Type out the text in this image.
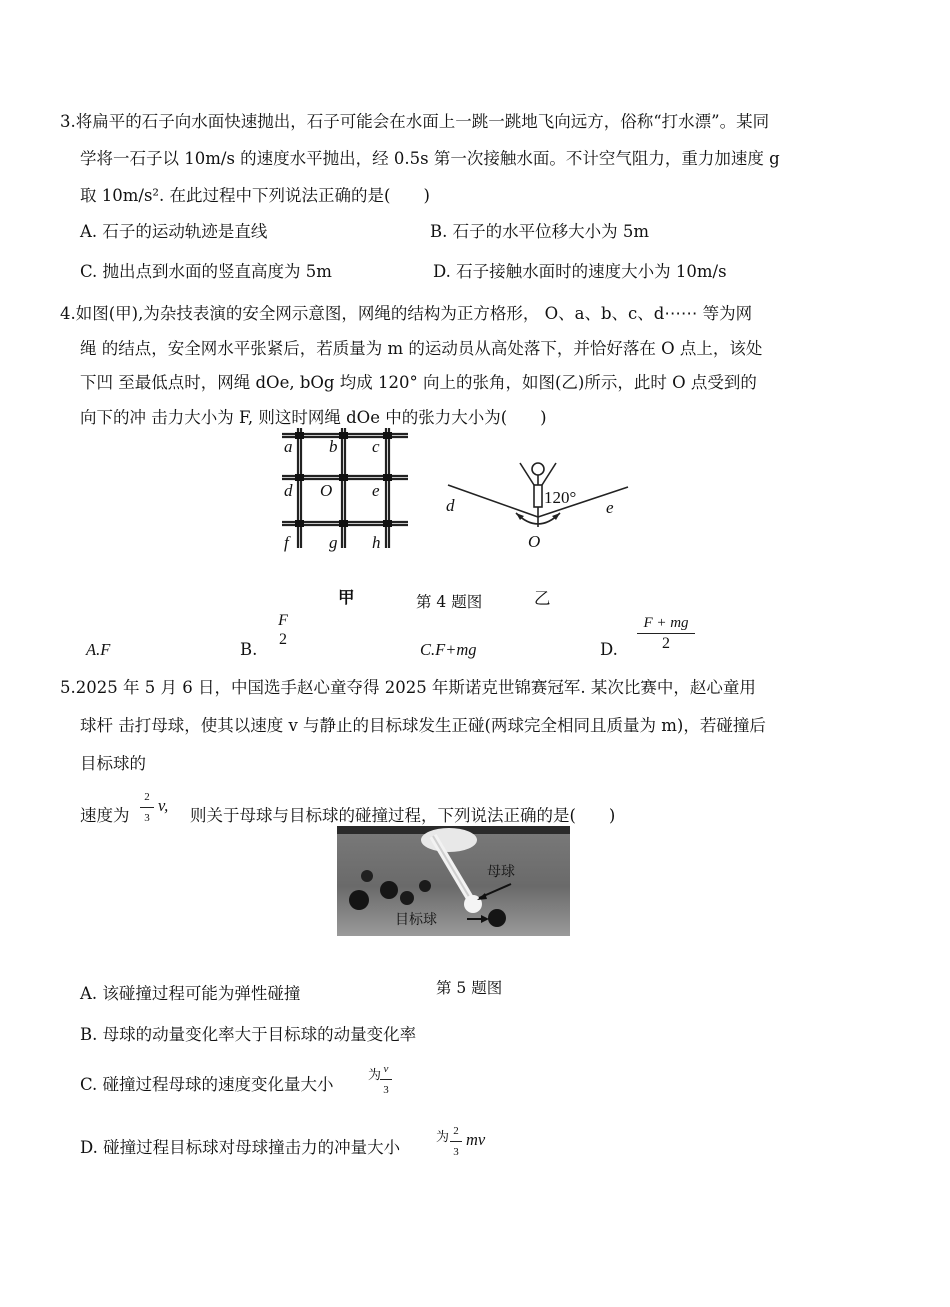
3.将扁平的石子向水面快速抛出，石子可能会在水面上一跳一跳地飞向远方，俗称“打水漂”。某同
学将一石子以 10m/s 的速度水平抛出，经 0.5s 第一次接触水面。不计空气阻力，重力加速度 g
取 10m/s². 在此过程中下列说法正确的是(　　)
A. 石子的运动轨迹是直线	B. 石子的水平位移大小为 5m
C. 抛出点到水面的竖直高度为 5m	D. 石子接触水面时的速度大小为 10m/s
4.如图(甲),为杂技表演的安全网示意图，网绳的结构为正方格形， O、a、b、c、d⋯⋯ 等为网
绳 的结点，安全网水平张紧后，若质量为 m 的运动员从高处落下，并恰好落在 O 点上，该处
下凹 至最低点时，网绳 dOe, bOg 均成 120° 向上的张角，如图(乙)所示，此时 O 点受到的
向下的冲 击力大小为 F, 则这时网绳 dOe 中的张力大小为(　　)
a b c
d O e
f g h
d	e
O
120°
甲	第 4 题图	乙
A.F	B.
F
2
C.F+mg	D.
F + mg
2
5.2025 年 5 月 6 日，中国选手赵心童夺得 2025 年斯诺克世锦赛冠军. 某次比赛中，赵心童用
球杆 击打母球，使其以速度 v 与静止的目标球发生正碰(两球完全相同且质量为 m)，若碰撞后
目标球的
速度为
2
3
v,
则关于母球与目标球的碰撞过程，下列说法正确的是(　　)
母球
目标球
第 5 题图
A. 该碰撞过程可能为弹性碰撞
B. 母球的动量变化率大于目标球的动量变化率
C. 碰撞过程母球的速度变化量大小	为 v
3
D. 碰撞过程目标球对母球撞击力的冲量大小
为 2
3
mv
